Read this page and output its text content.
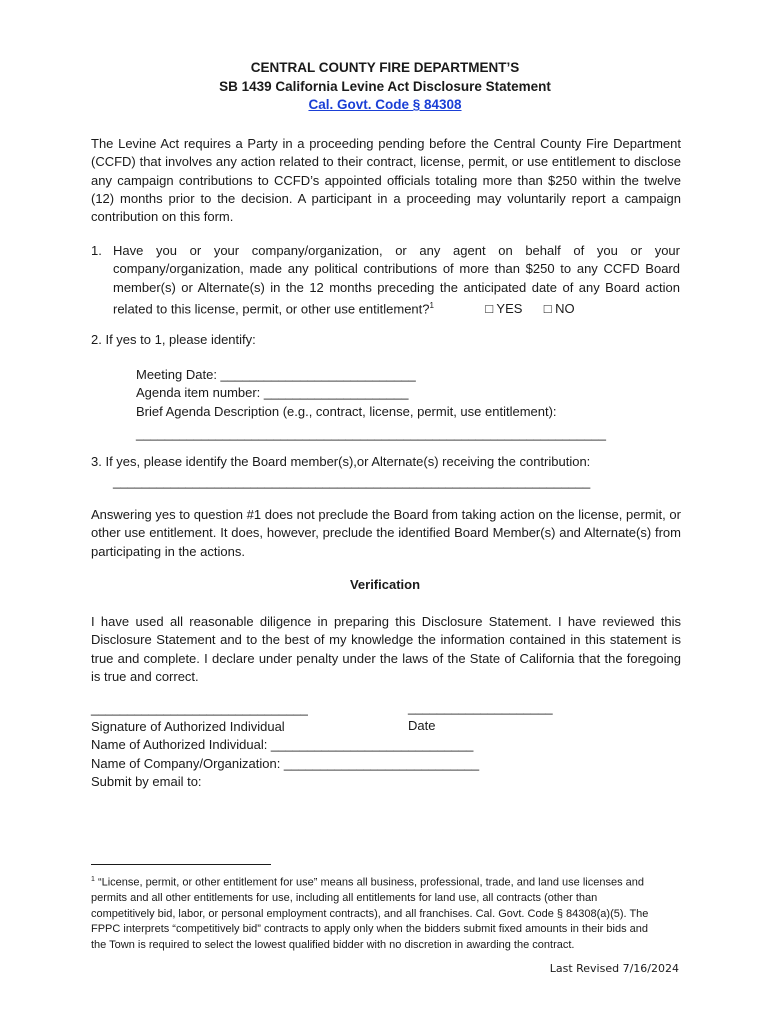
CENTRAL COUNTY FIRE DEPARTMENT’S
SB 1439 California Levine Act Disclosure Statement
Cal. Govt. Code § 84308
The Levine Act requires a Party in a proceeding pending before the Central County Fire Department (CCFD) that involves any action related to their contract, license, permit, or use entitlement to disclose any campaign contributions to CCFD’s appointed officials totaling more than $250 within the twelve (12) months prior to the decision. A participant in a proceeding may voluntarily report a campaign contribution on this form.
1. Have you or your company/organization, or any agent on behalf of you or your company/organization, made any political contributions of more than $250 to any CCFD Board member(s) or Alternate(s) in the 12 months preceding the anticipated date of any Board action related to this license, permit, or other use entitlement?$^1$	□ YES □ NO
2. If yes to 1, please identify:
Meeting Date: ___________________________
Agenda item number: ____________________
Brief Agenda Description (e.g., contract, license, permit, use entitlement):
_________________________________________________________________
3. If yes, please identify the Board member(s),or Alternate(s) receiving the contribution:
__________________________________________________________________
Answering yes to question #1 does not preclude the Board from taking action on the license, permit, or other use entitlement. It does, however, preclude the identified Board Member(s) and Alternate(s) from participating in the actions.
Verification
I have used all reasonable diligence in preparing this Disclosure Statement. I have reviewed this Disclosure Statement and to the best of my knowledge the information contained in this statement is true and complete. I declare under penalty under the laws of the State of California that the foregoing is true and correct.
______________________________	____________________
Signature of Authorized Individual
Name of Authorized Individual: ____________________________
Name of Company/Organization: ___________________________
Submit by email to:
Date
$^1$ “License, permit, or other entitlement for use” means all business, professional, trade, and land use licenses and permits and all other entitlements for use, including all entitlements for land use, all contracts (other than competitively bid, labor, or personal employment contracts), and all franchises. Cal. Govt. Code § 84308(a)(5). The FPPC interprets “competitively bid” contracts to apply only when the bidders submit fixed amounts in their bids and the Town is required to select the lowest qualified bidder with no discretion in awarding the contract.
Last Revised 7/16/2024
